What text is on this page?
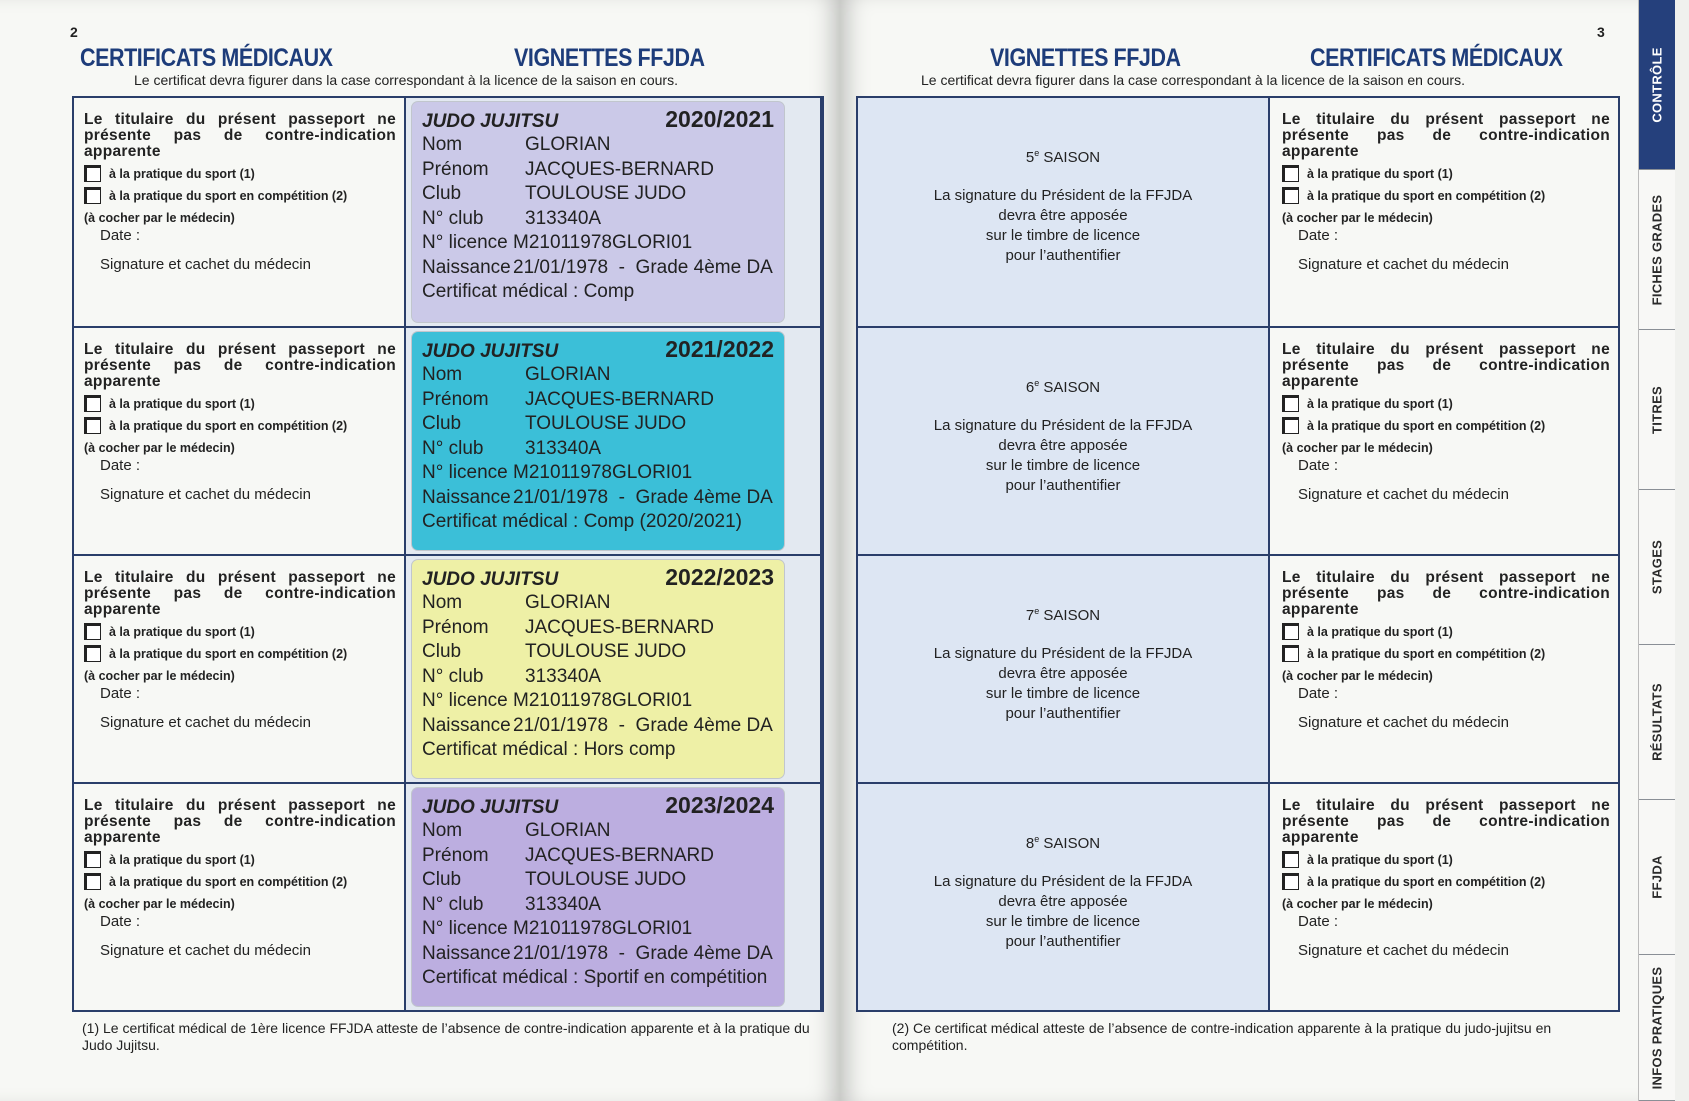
2
CERTIFICATS MÉDICAUX	VIGNETTES FFJDA
Le certificat devra figurer dans la case correspondant à la licence de la saison en cours.
Le titulaire du présent passeport ne présente pas de contre-indication apparente
à la pratique du sport (1)
à la pratique du sport en compétition (2)
(à cocher par le médecin)
Date :
Signature et cachet du médecin
JUDO JUJITSU	2020/2021
Nom	GLORIAN
Prénom	JACQUES-BERNARD
Club	TOULOUSE JUDO
N° club	313340A
N° licence M21011978GLORI01
Naissance 21/01/1978 - Grade
4ème DA
Certificat médical :
Comp
Le titulaire du présent passeport ne présente pas de contre-indication apparente
à la pratique du sport (1)
à la pratique du sport en compétition (2)
(à cocher par le médecin)
Date :
Signature et cachet du médecin
JUDO JUJITSU	2021/2022
Nom	GLORIAN
Prénom	JACQUES-BERNARD
Club	TOULOUSE JUDO
N° club	313340A
N° licence M21011978GLORI01
Naissance 21/01/1978 - Grade
4ème DA
Certificat médical :
Comp (2020/2021)
Le titulaire du présent passeport ne présente pas de contre-indication apparente
à la pratique du sport (1)
à la pratique du sport en compétition (2)
(à cocher par le médecin)
Date :
Signature et cachet du médecin
JUDO JUJITSU	2022/2023
Nom	GLORIAN
Prénom	JACQUES-BERNARD
Club	TOULOUSE JUDO
N° club	313340A
N° licence M21011978GLORI01
Naissance 21/01/1978 - Grade
4ème DA
Certificat médical :
Hors comp
Le titulaire du présent passeport ne présente pas de contre-indication apparente
à la pratique du sport (1)
à la pratique du sport en compétition (2)
(à cocher par le médecin)
Date :
Signature et cachet du médecin
JUDO JUJITSU	2023/2024
Nom	GLORIAN
Prénom	JACQUES-BERNARD
Club	TOULOUSE JUDO
N° club	313340A
N° licence M21011978GLORI01
Naissance 21/01/1978 - Grade
4ème DA
Certificat médical :
Sportif en compétition
(1) Le certificat médical de 1ère licence FFJDA atteste de l’absence de contre-indication apparente et à la pratique du Judo Jujitsu.
3
VIGNETTES FFJDA	CERTIFICATS MÉDICAUX
Le certificat devra figurer dans la case correspondant à la licence de la saison en cours.
5e SAISON
La signature du Président de la FFJDA
devra être apposée
sur le timbre de licence
pour l’authentifier
Le titulaire du présent passeport ne présente pas de contre-indication apparente
à la pratique du sport (1)
à la pratique du sport en compétition (2)
(à cocher par le médecin)
Date :
Signature et cachet du médecin
6e SAISON
La signature du Président de la FFJDA
devra être apposée
sur le timbre de licence
pour l’authentifier
Le titulaire du présent passeport ne présente pas de contre-indication apparente
à la pratique du sport (1)
à la pratique du sport en compétition (2)
(à cocher par le médecin)
Date :
Signature et cachet du médecin
7e SAISON
La signature du Président de la FFJDA
devra être apposée
sur le timbre de licence
pour l’authentifier
Le titulaire du présent passeport ne présente pas de contre-indication apparente
à la pratique du sport (1)
à la pratique du sport en compétition (2)
(à cocher par le médecin)
Date :
Signature et cachet du médecin
8e SAISON
La signature du Président de la FFJDA
devra être apposée
sur le timbre de licence
pour l’authentifier
Le titulaire du présent passeport ne présente pas de contre-indication apparente
à la pratique du sport (1)
à la pratique du sport en compétition (2)
(à cocher par le médecin)
Date :
Signature et cachet du médecin
(2) Ce certificat médical atteste de l’absence de contre-indication apparente à la pratique du judo-jujitsu en compétition.
CONTRÔLE
FICHES GRADES
TITRES
STAGES
RÉSULTATS
FFJDA
INFOS PRATIQUES
